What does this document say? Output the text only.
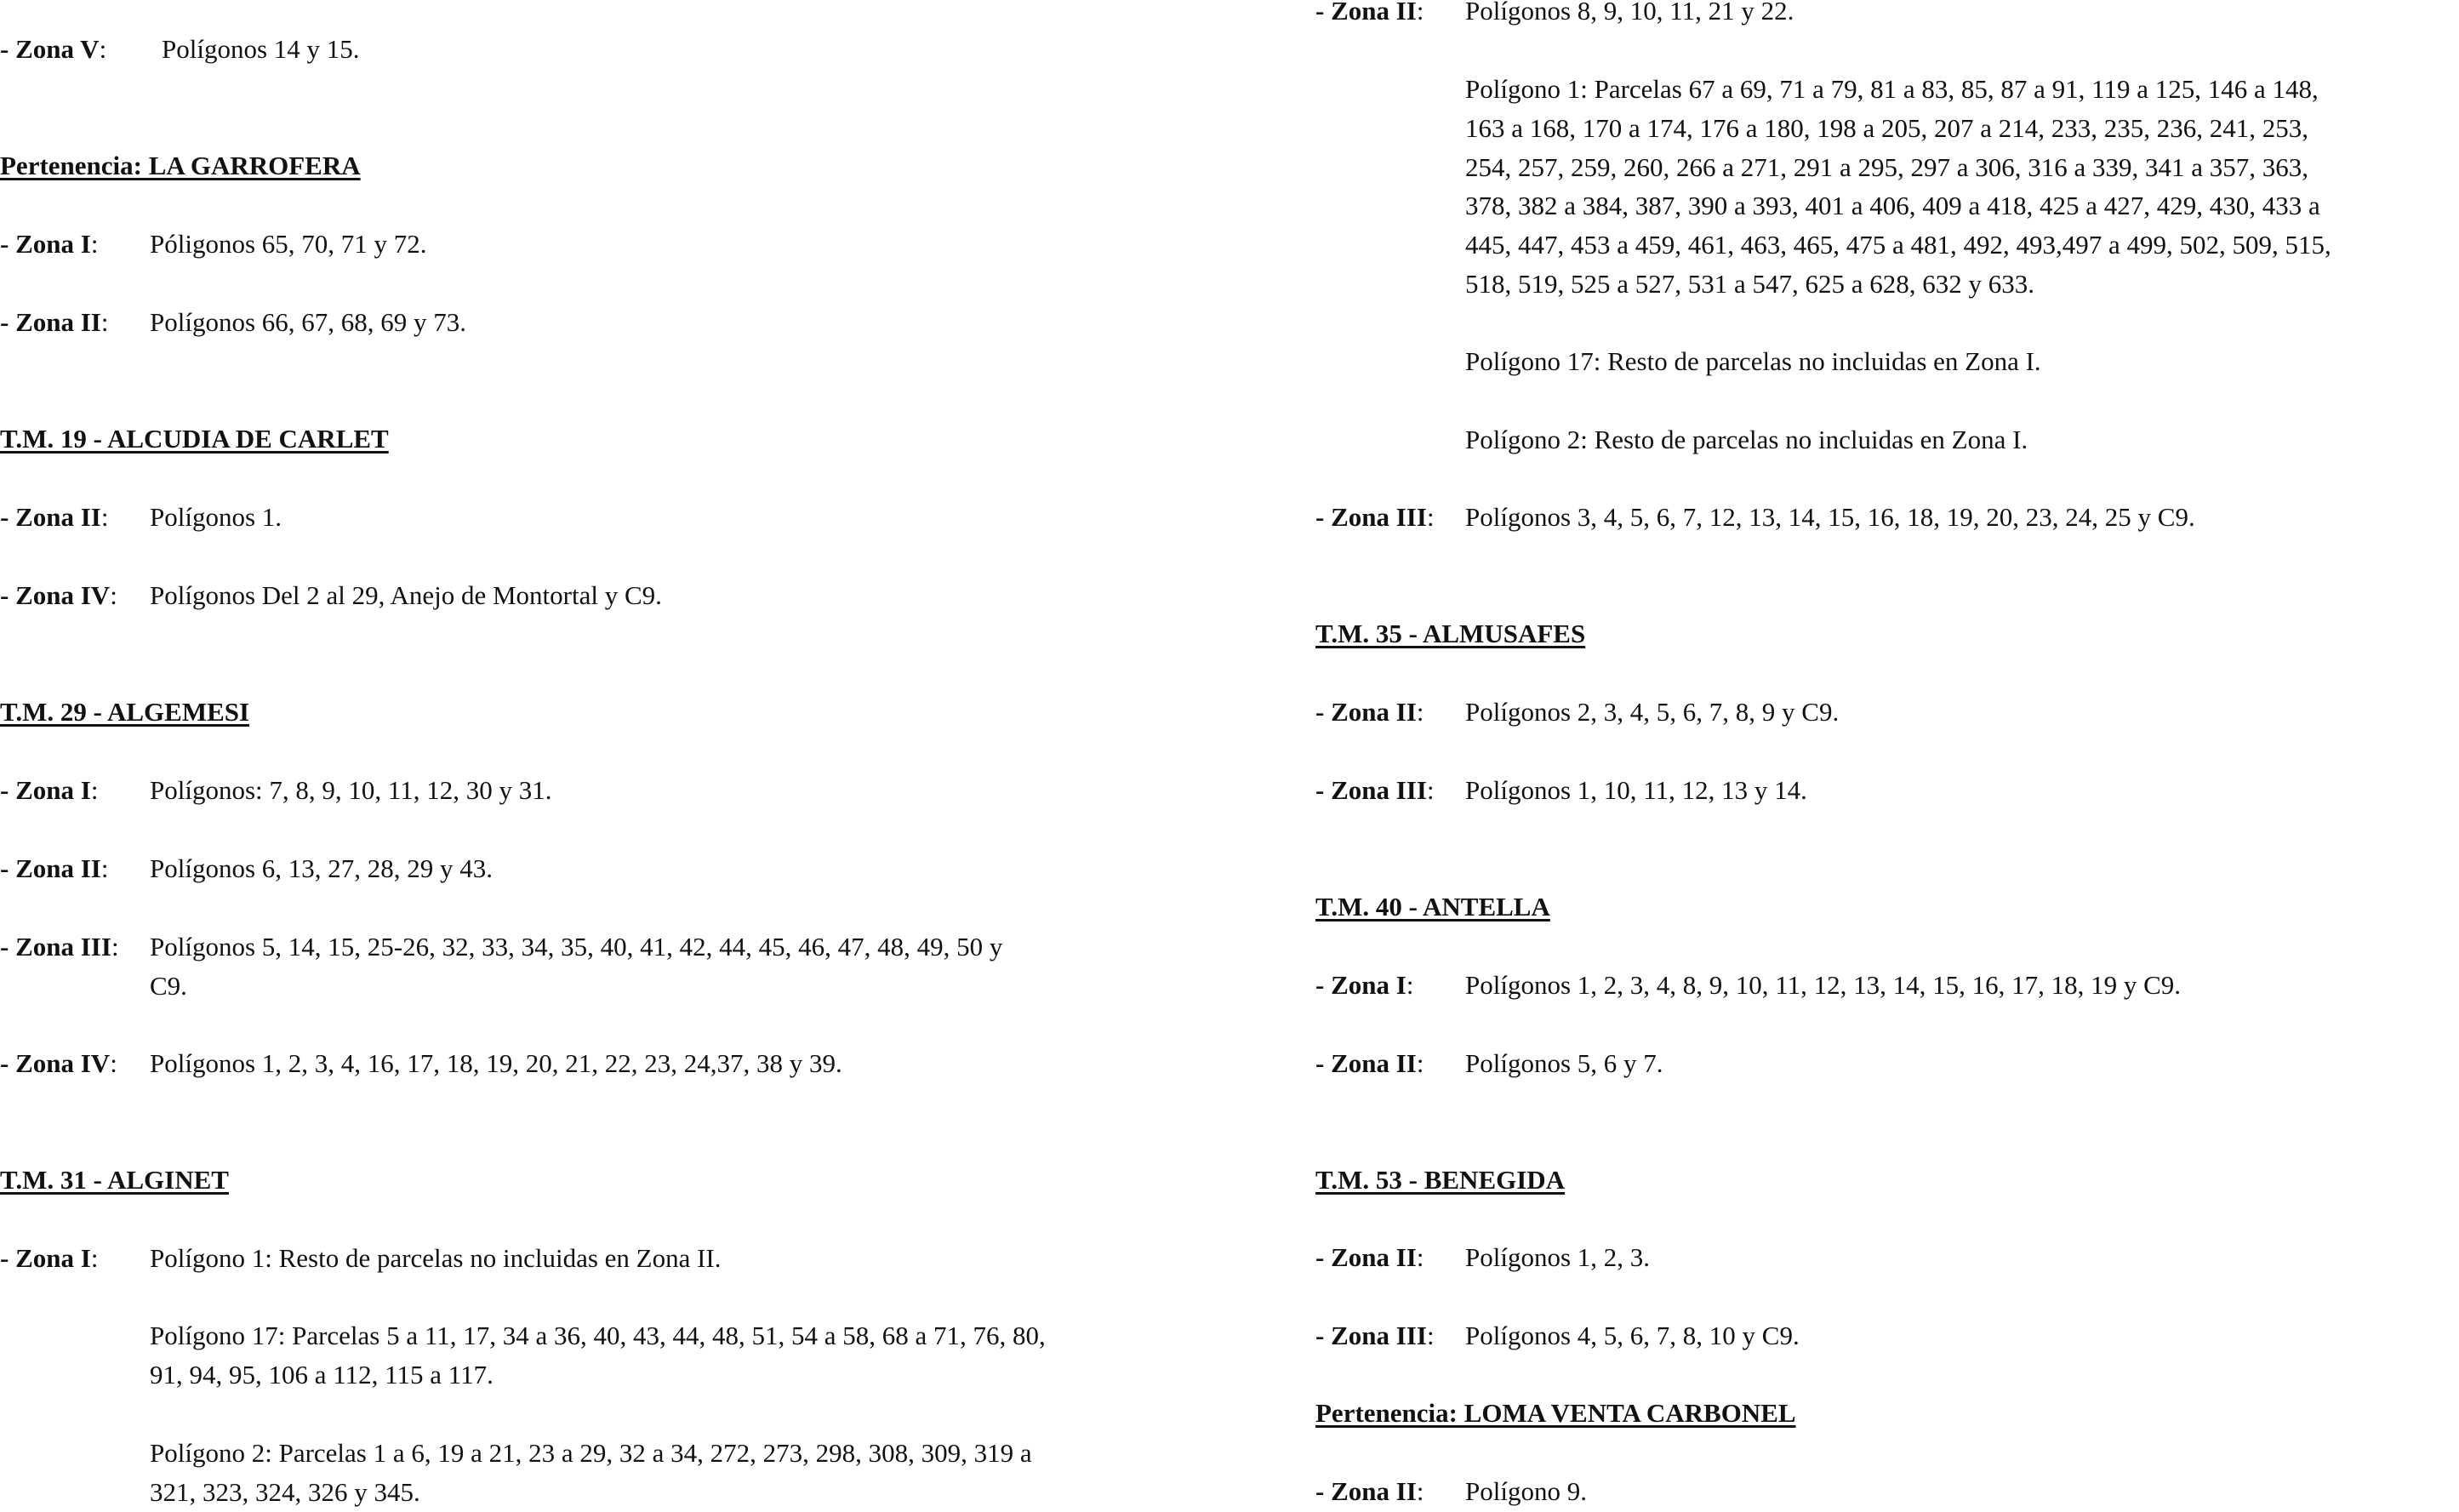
- Zona V: Polígonos 14 y 15.
Pertenencia: LA GARROFERA
- Zona I: Póligonos 65, 70, 71 y 72.
- Zona II: Polígonos 66, 67, 68, 69 y 73.
T.M. 19 - ALCUDIA DE CARLET
- Zona II: Polígonos 1.
- Zona IV: Polígonos Del 2 al 29, Anejo de Montortal y C9.
T.M. 29 - ALGEMESI
- Zona I: Polígonos: 7, 8, 9, 10, 11, 12, 30 y 31.
- Zona II: Polígonos 6, 13, 27, 28, 29 y 43.
- Zona III: Polígonos 5, 14, 15, 25-26, 32, 33, 34, 35, 40, 41, 42, 44, 45, 46, 47, 48, 49, 50 y
C9.
- Zona IV: Polígonos 1, 2, 3, 4, 16, 17, 18, 19, 20, 21, 22, 23, 24,37, 38 y 39.
T.M. 31 - ALGINET
- Zona I: Polígono 1: Resto de parcelas no incluidas en Zona II.
Polígono 17: Parcelas 5 a 11, 17, 34 a 36, 40, 43, 44, 48, 51, 54 a 58, 68 a 71, 76, 80,
91, 94, 95, 106 a 112, 115 a 117.
Polígono 2: Parcelas 1 a 6, 19 a 21, 23 a 29, 32 a 34, 272, 273, 298, 308, 309, 319 a
321, 323, 324, 326 y 345.
- Zona II: Polígonos 8, 9, 10, 11, 21 y 22.
Polígono 1: Parcelas 67 a 69, 71 a 79, 81 a 83, 85, 87 a 91, 119 a 125, 146 a 148,
163 a 168, 170 a 174, 176 a 180, 198 a 205, 207 a 214, 233, 235, 236, 241, 253,
254, 257, 259, 260, 266 a 271, 291 a 295, 297 a 306, 316 a 339, 341 a 357, 363,
378, 382 a 384, 387, 390 a 393, 401 a 406, 409 a 418, 425 a 427, 429, 430, 433 a
445, 447, 453 a 459, 461, 463, 465, 475 a 481, 492, 493,497 a 499, 502, 509, 515,
518, 519, 525 a 527, 531 a 547, 625 a 628, 632 y 633.
Polígono 17: Resto de parcelas no incluidas en Zona I.
Polígono 2: Resto de parcelas no incluidas en Zona I.
- Zona III: Polígonos 3, 4, 5, 6, 7, 12, 13, 14, 15, 16, 18, 19, 20, 23, 24, 25 y C9.
T.M. 35 - ALMUSAFES
- Zona II: Polígonos 2, 3, 4, 5, 6, 7, 8, 9 y C9.
- Zona III: Polígonos 1, 10, 11, 12, 13 y 14.
T.M. 40 - ANTELLA
- Zona I: Polígonos 1, 2, 3, 4, 8, 9, 10, 11, 12, 13, 14, 15, 16, 17, 18, 19 y C9.
- Zona II: Polígonos 5, 6 y 7.
T.M. 53 - BENEGIDA
- Zona II: Polígonos 1, 2, 3.
- Zona III: Polígonos 4, 5, 6, 7, 8, 10 y C9.
Pertenencia: LOMA VENTA CARBONEL
- Zona II: Polígono 9.
